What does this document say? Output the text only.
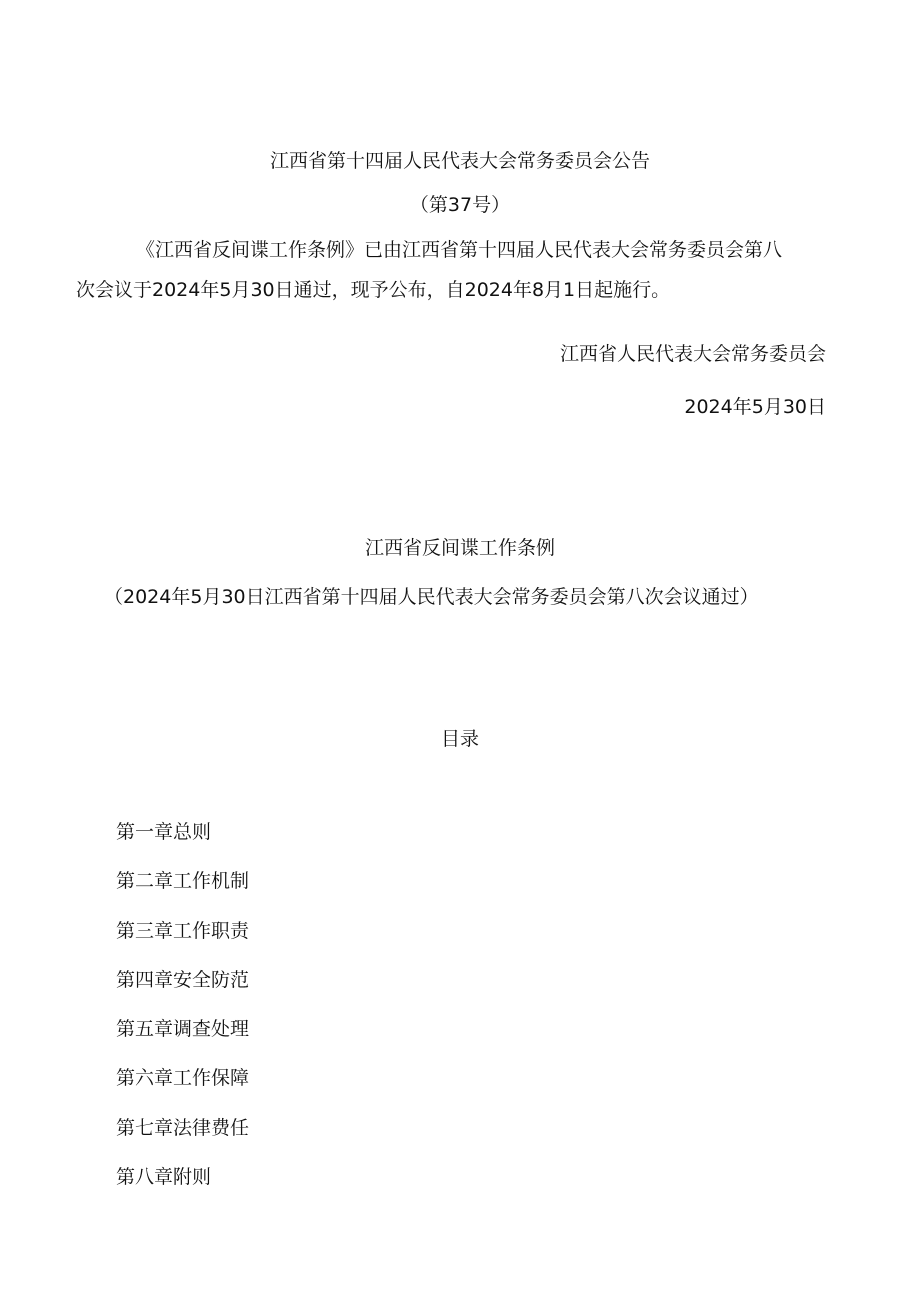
江西省第十四届人民代表大会常务委员会公告

（第37号）

《江西省反间谍工作条例》已由江西省第十四届人民代表大会常务委员会第八

次会议于2024年5月30日通过，现予公布，自2024年8月1日起施行。

江西省人民代表大会常务委员会

2024年5月30日

江西省反间谍工作条例

（2024年5月30日江西省第十四届人民代表大会常务委员会第八次会议通过）

目录
第一章总则
第二章工作机制
第三章工作职责
第四章安全防范
第五章调查处理
第六章工作保障
第七章法律费任
第八章附则
